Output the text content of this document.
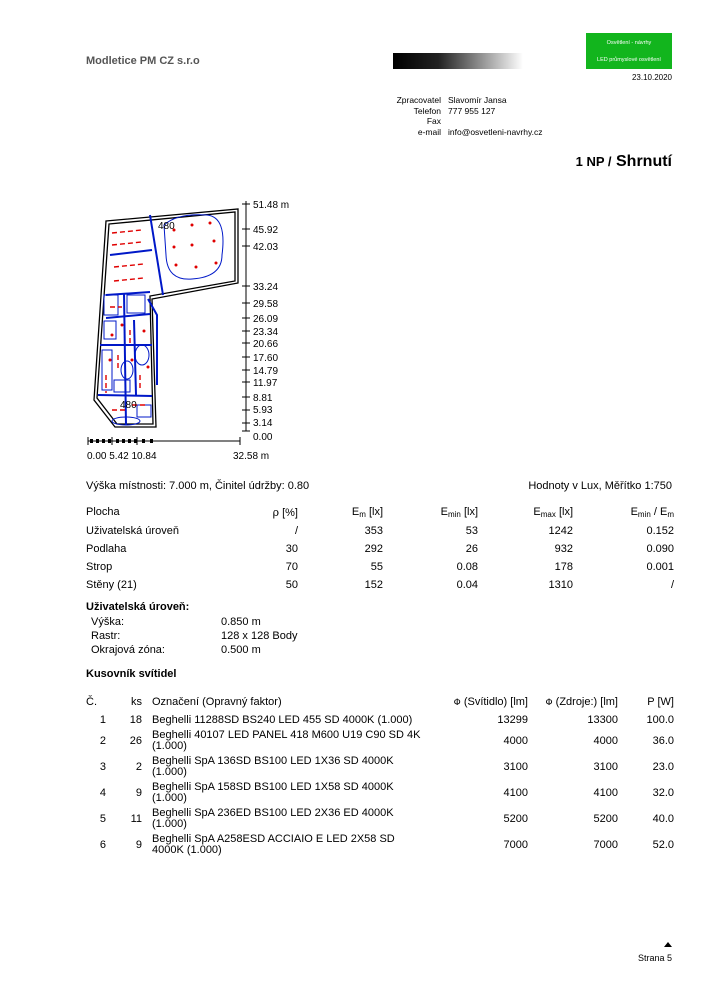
Modletice PM CZ s.r.o
Osvětlení - návrhy
LED průmyslové osvětlení
23.10.2020
Zpracovatel Slavomír Jansa
Telefon 777 955 127
Fax
e-mail info@osvetleni-navrhy.cz
1 NP / Shrnutí
480
480
51.48 m
45.92
42.03
33.24
29.58
26.09
23.34
20.66
17.60
14.79
11.97
8.81
5.93
3.14
0.00
0.00 5.42 10.84	32.58 m
Výška místnosti: 7.000 m, Činitel údržby: 0.80	Hodnoty v Lux, Měřítko 1:750
Plocha	ρ [%]	$E_m$ [lx]	$E_{min}$ [lx]	$E_{max}$ [lx]	$E_{min} / E_m$
Uživatelská úroveň	/	353	53	1242	0.152
Podlaha	30	292	26	932	0.090
Strop	70	55	0.08	178	0.001
Stěny (21)	50	152	0.04	1310	/
Uživatelská úroveň:
Výška:	0.850 m
Rastr:	128 x 128 Body
Okrajová zóna:	0.500 m
Kusovník svítidel
Č.	ks	Označení (Opravný faktor)	Φ (Svítidlo) [lm]	Φ (Zdroje:) [lm]	P [W]
1	18	Beghelli 11288SD BS240 LED 455 SD 4000K (1.000)	13299	13300	100.0
2	26	Beghelli 40107 LED PANEL 418 M600 U19 C90 SD 4K (1.000)	4000	4000	36.0
3	2	Beghelli SpA 136SD BS100 LED 1X36 SD 4000K (1.000)	3100	3100	23.0
4	9	Beghelli SpA 158SD BS100 LED 1X58 SD 4000K (1.000)	4100	4100	32.0
5	11	Beghelli SpA 236ED BS100 LED 2X36 ED 4000K (1.000)	5200	5200	40.0
6	9	Beghelli SpA A258ESD ACCIAIO E LED 2X58 SD 4000K (1.000)	7000	7000	52.0
Strana 5
